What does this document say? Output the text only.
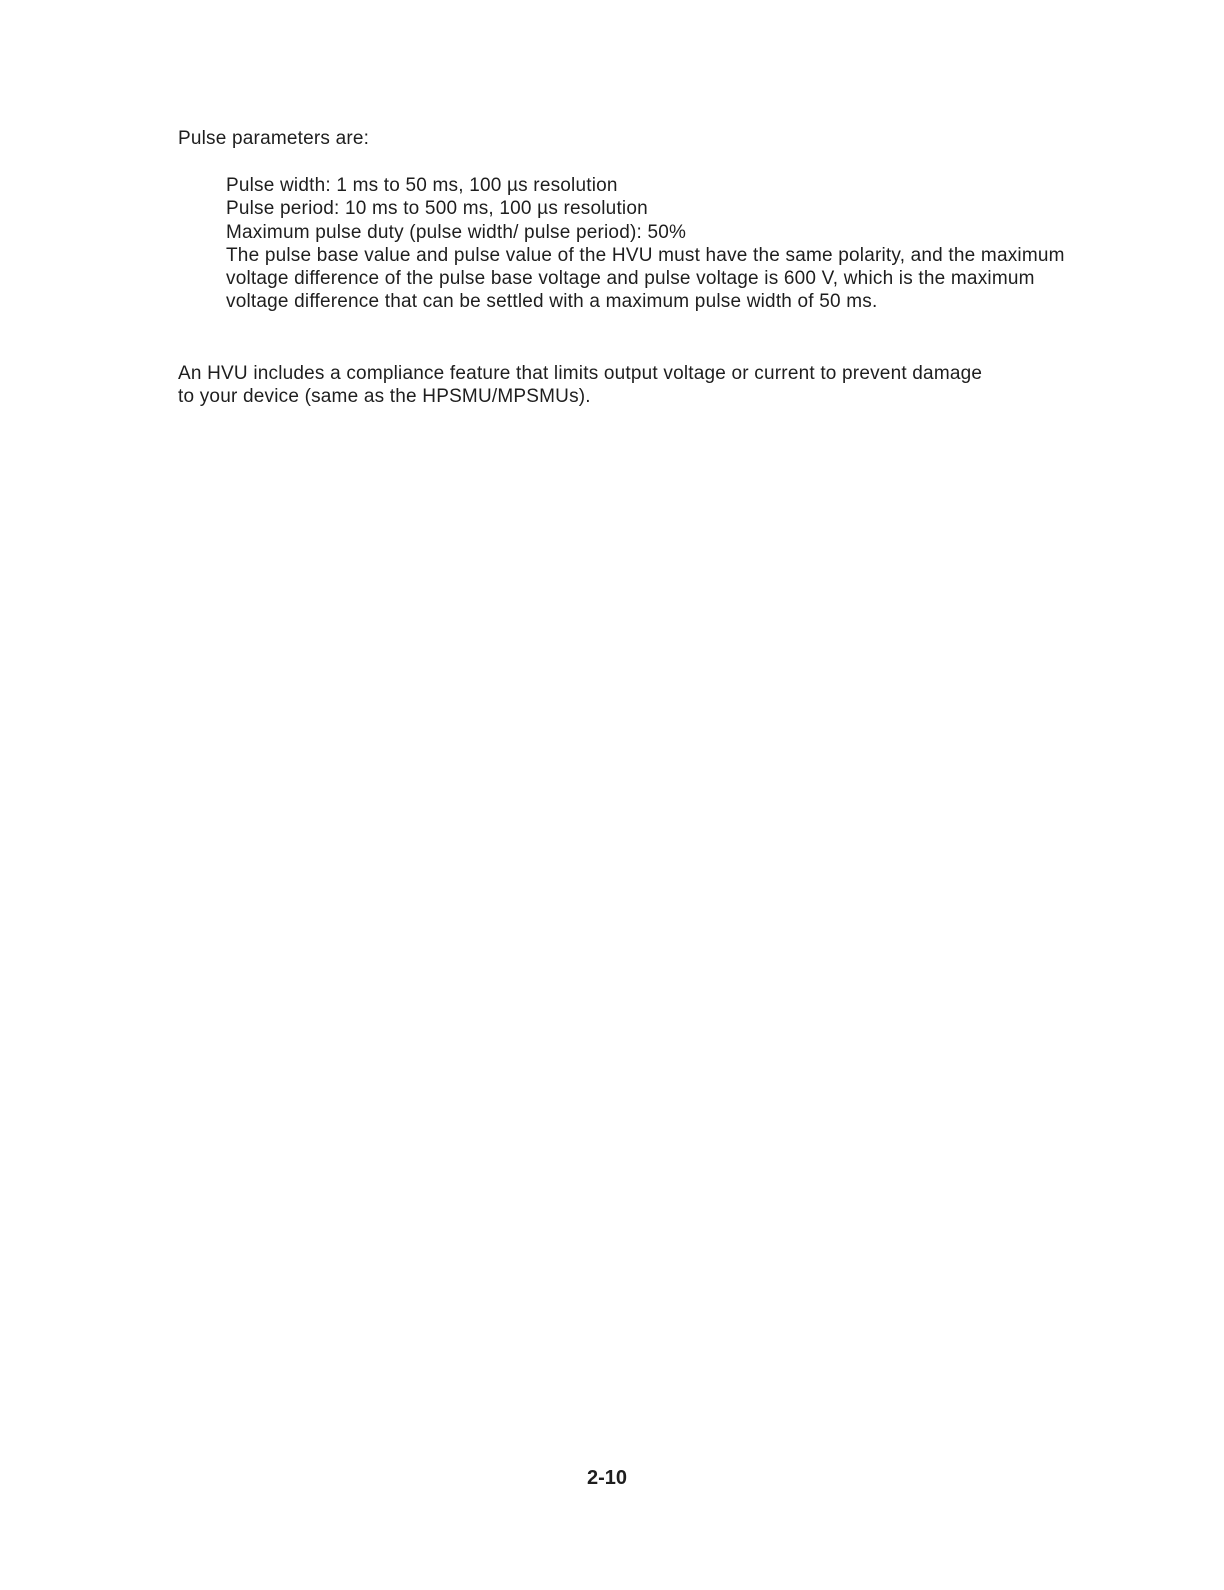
Pulse parameters are:

Pulse width: 1 ms to 50 ms, 100 µs resolution
Pulse period: 10 ms to 500 ms, 100 µs resolution
Maximum pulse duty (pulse width/ pulse period): 50%
The pulse base value and pulse value of the HVU must have the same polarity, and the maximum voltage difference of the pulse base voltage and pulse voltage is 600 V, which is the maximum voltage difference that can be settled with a maximum pulse width of 50 ms.

An HVU includes a compliance feature that limits output voltage or current to prevent damage to your device (same as the HPSMU/MPSMUs).

2-10
